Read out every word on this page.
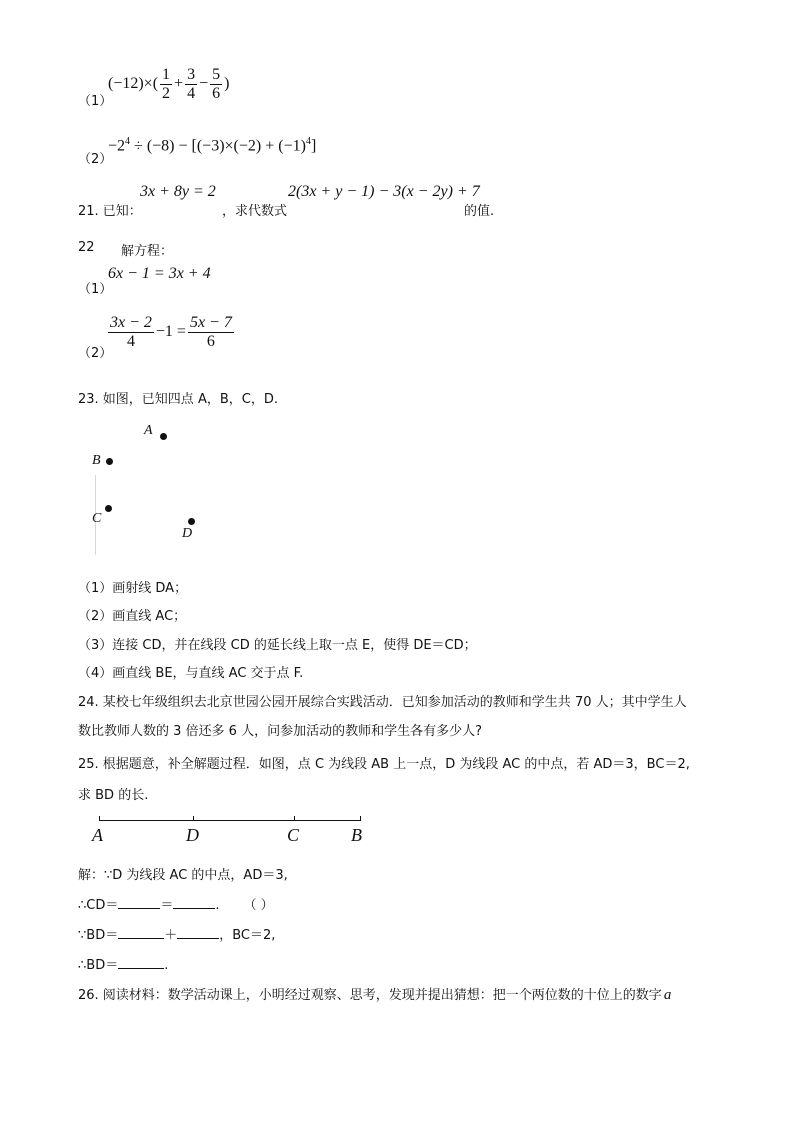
（1）
$(-12)\times( \frac{1}{2} + \frac{3}{4} - \frac{5}{6}$ )
（2）
$-2^4 \div (-8) - [(-3)\times(-2) + (-1)^4]$
21. 已知：
3x + 8y = 2
，求代数式
2(3x + y − 1) − 3(x − 2y) + 7
的值.
22 解方程：
（1）
6x − 1 = 3x + 4
（2）
$\frac{3x - 2}{4} -1 = \frac{5x - 7}{6}$
23. 如图，已知四点 A，B，C，D.
A
B
C
D
（1）画射线 DA；
（2）画直线 AC；
（3）连接 CD，并在线段 CD 的延长线上取一点 E，使得 DE＝CD；
（4）画直线 BE，与直线 AC 交于点 F.
24. 某校七年级组织去北京世园公园开展综合实践活动．已知参加活动的教师和学生共 70 人；其中学生人
数比教师人数的 3 倍还多 6 人，问参加活动的教师和学生各有多少人?
25. 根据题意，补全解题过程．如图，点 C 为线段 AB 上一点，D 为线段 AC 的中点，若 AD＝3，BC＝2,
求 BD 的长.
A	D	C	B
解：∵D 为线段 AC 的中点，AD＝3,
∴CD＝	＝	. （ ）
∵BD＝	＋	，BC＝2,
∴BD＝	.
26. 阅读材料：数学活动课上，小明经过观察、思考，发现并提出猜想：把一个两位数的十位上的数字 a
